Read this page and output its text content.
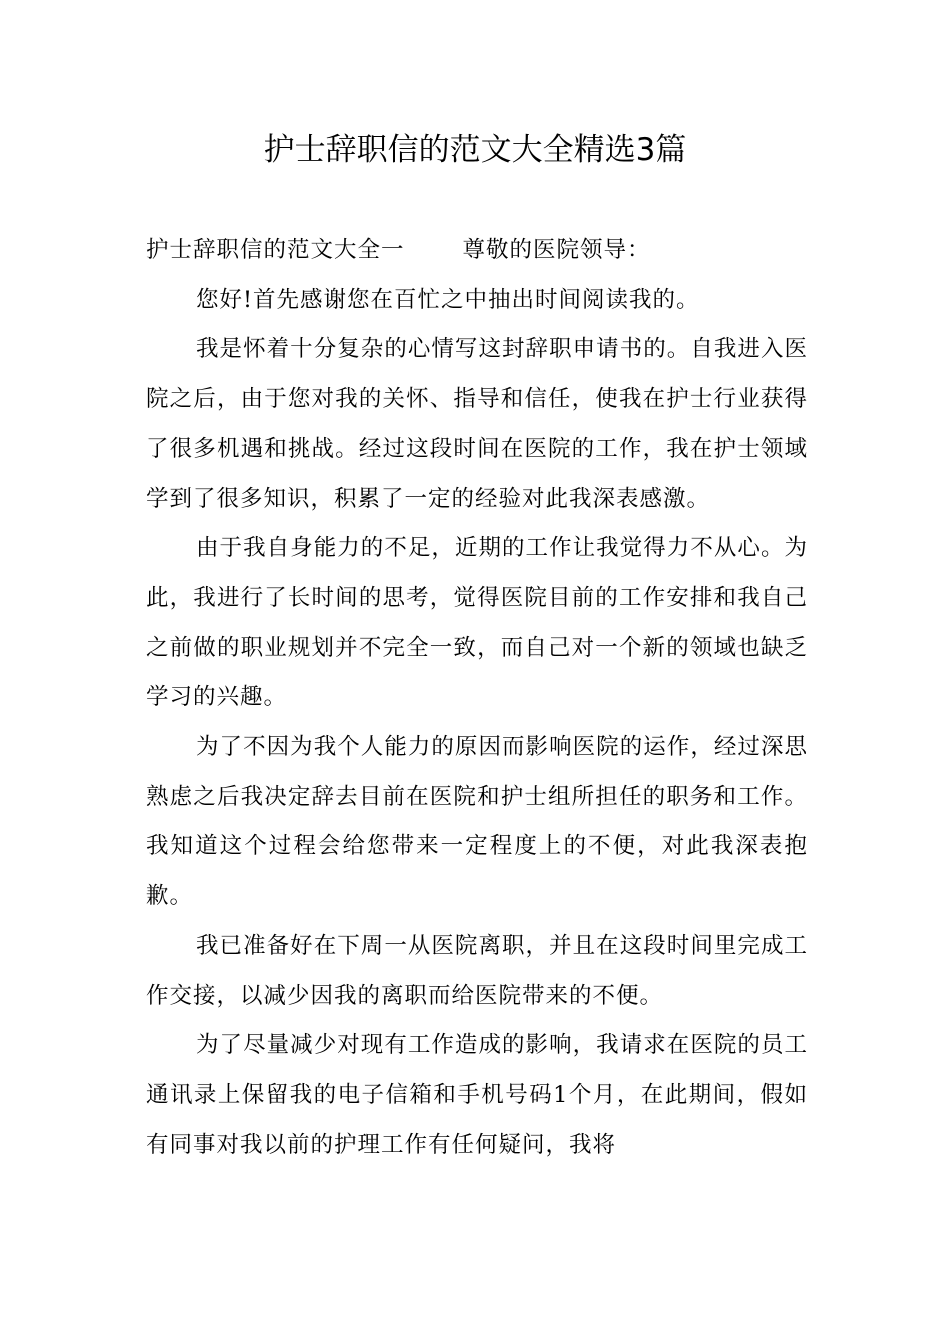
护士辞职信的范文大全精选3篇

护士辞职信的范文大全一	尊敬的医院领导：

您好!首先感谢您在百忙之中抽出时间阅读我的。

我是怀着十分复杂的心情写这封辞职申请书的。自我进入医院之后，由于您对我的关怀、指导和信任，使我在护士行业获得了很多机遇和挑战。经过这段时间在医院的工作，我在护士领域学到了很多知识，积累了一定的经验对此我深表感激。

由于我自身能力的不足，近期的工作让我觉得力不从心。为此，我进行了长时间的思考，觉得医院目前的工作安排和我自己之前做的职业规划并不完全一致，而自己对一个新的领域也缺乏学习的兴趣。

为了不因为我个人能力的原因而影响医院的运作，经过深思熟虑之后我决定辞去目前在医院和护士组所担任的职务和工作。我知道这个过程会给您带来一定程度上的不便，对此我深表抱歉。

我已准备好在下周一从医院离职，并且在这段时间里完成工作交接，以减少因我的离职而给医院带来的不便。

为了尽量减少对现有工作造成的影响，我请求在医院的员工通讯录上保留我的电子信箱和手机号码1个月，在此期间，假如有同事对我以前的护理工作有任何疑问，我将
